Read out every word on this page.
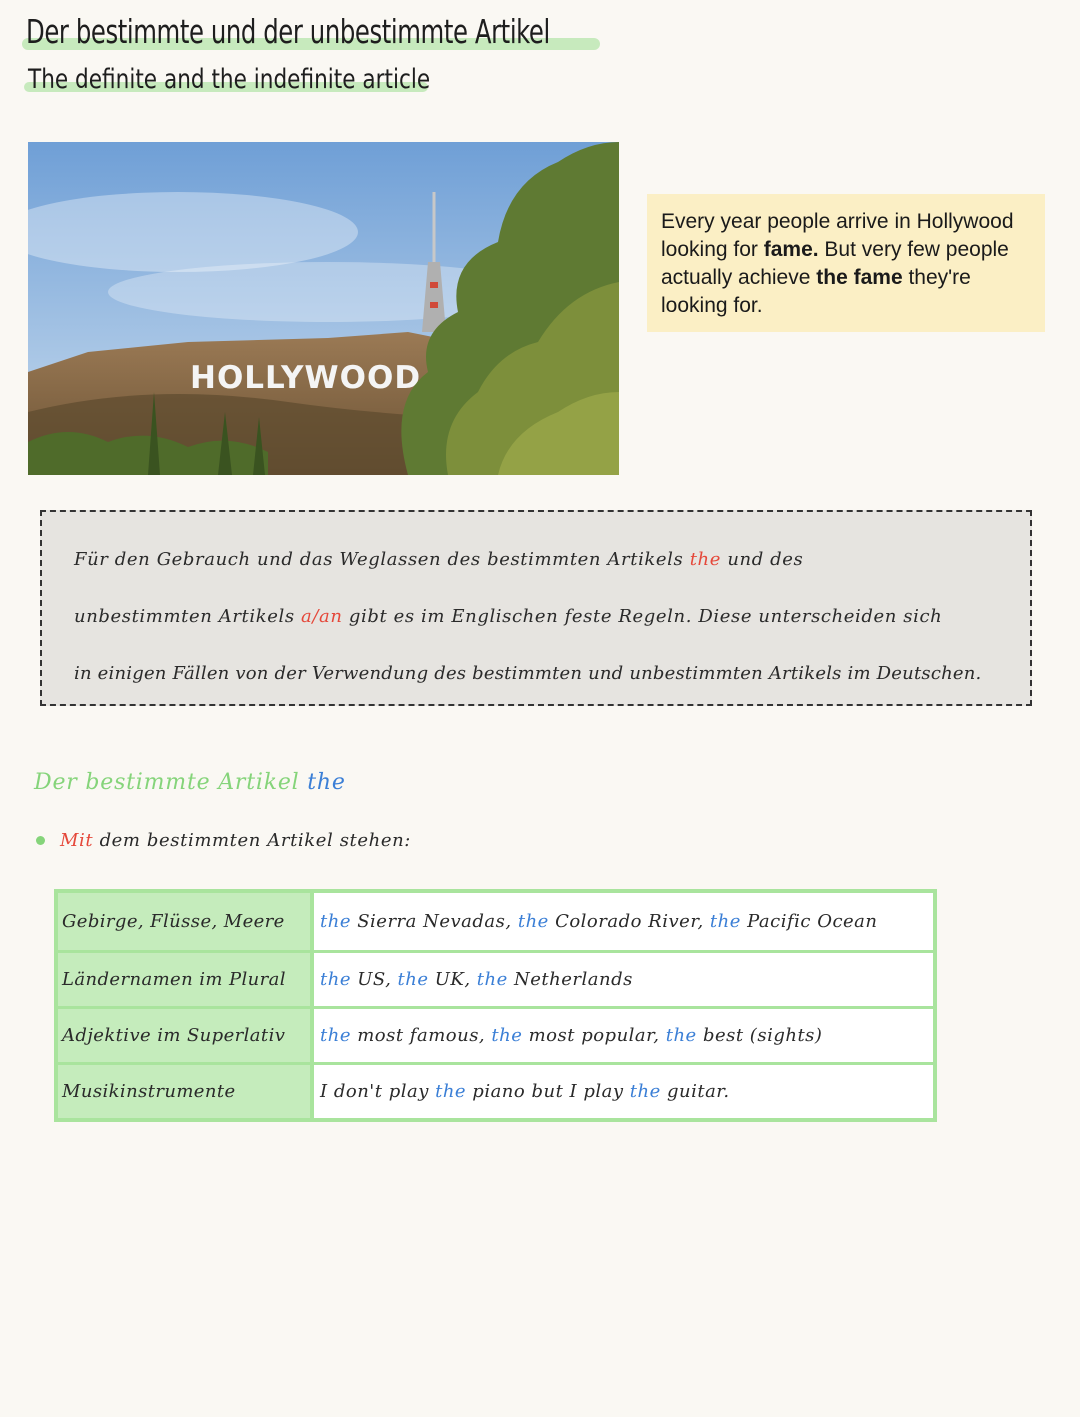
Der bestimmte und der unbestimmte Artikel
The definite and the indefinite article
HOLLYWOOD
Every year people arrive in Hollywood looking for fame. But very few people actually achieve the fame they're looking for.
Für den Gebrauch und das Weglassen des bestimmten Artikels the und des
unbestimmten Artikels a/an gibt es im Englischen feste Regeln. Diese unterscheiden sich
in einigen Fällen von der Verwendung des bestimmten und unbestimmten Artikels im Deutschen.
Der bestimmte Artikel the
Mit dem bestimmten Artikel stehen:
Gebirge, Flüsse, Meere	the Sierra Nevadas, the Colorado River, the Pacific Ocean
Ländernamen im Plural	the US, the UK, the Netherlands
Adjektive im Superlativ	the most famous, the most popular, the best (sights)
Musikinstrumente	I don't play the piano but I play the guitar.
